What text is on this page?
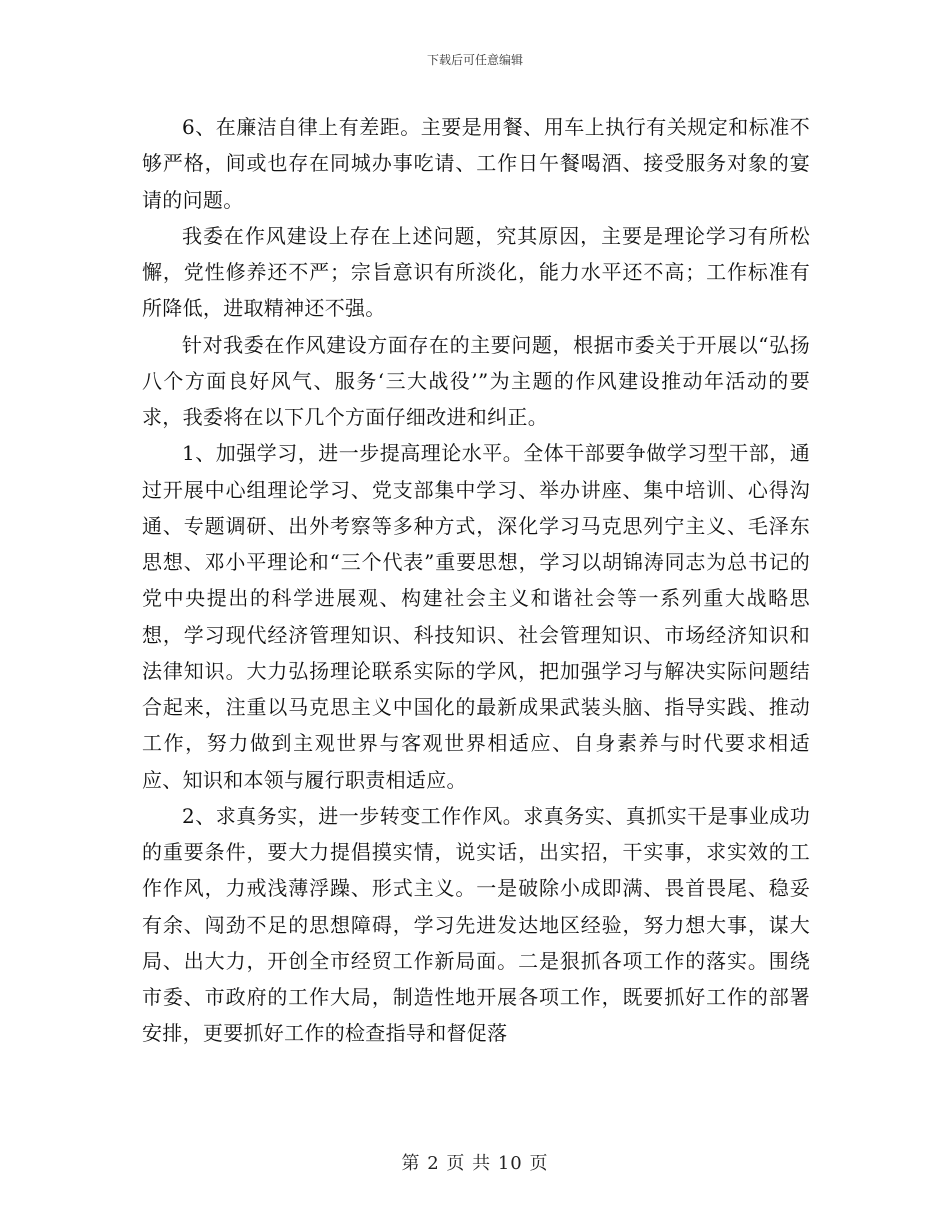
下载后可任意编辑

6、在廉洁自律上有差距。主要是用餐、用车上执行有关规定和标准不够严格，间或也存在同城办事吃请、工作日午餐喝酒、接受服务对象的宴请的问题。

我委在作风建设上存在上述问题，究其原因，主要是理论学习有所松懈，党性修养还不严；宗旨意识有所淡化，能力水平还不高；工作标准有所降低，进取精神还不强。

针对我委在作风建设方面存在的主要问题，根据市委关于开展以“弘扬八个方面良好风气、服务‘三大战役’”为主题的作风建设推动年活动的要求，我委将在以下几个方面仔细改进和纠正。

1、加强学习，进一步提高理论水平。全体干部要争做学习型干部，通过开展中心组理论学习、党支部集中学习、举办讲座、集中培训、心得沟通、专题调研、出外考察等多种方式，深化学习马克思列宁主义、毛泽东思想、邓小平理论和“三个代表”重要思想，学习以胡锦涛同志为总书记的党中央提出的科学进展观、构建社会主义和谐社会等一系列重大战略思想，学习现代经济管理知识、科技知识、社会管理知识、市场经济知识和法律知识。大力弘扬理论联系实际的学风，把加强学习与解决实际问题结合起来，注重以马克思主义中国化的最新成果武装头脑、指导实践、推动工作，努力做到主观世界与客观世界相适应、自身素养与时代要求相适应、知识和本领与履行职责相适应。

2、求真务实，进一步转变工作作风。求真务实、真抓实干是事业成功的重要条件，要大力提倡摸实情，说实话，出实招，干实事，求实效的工作作风，力戒浅薄浮躁、形式主义。一是破除小成即满、畏首畏尾、稳妥有余、闯劲不足的思想障碍，学习先进发达地区经验，努力想大事，谋大局、出大力，开创全市经贸工作新局面。二是狠抓各项工作的落实。围绕市委、市政府的工作大局，制造性地开展各项工作，既要抓好工作的部署安排，更要抓好工作的检查指导和督促落

第 2 页 共 10 页
